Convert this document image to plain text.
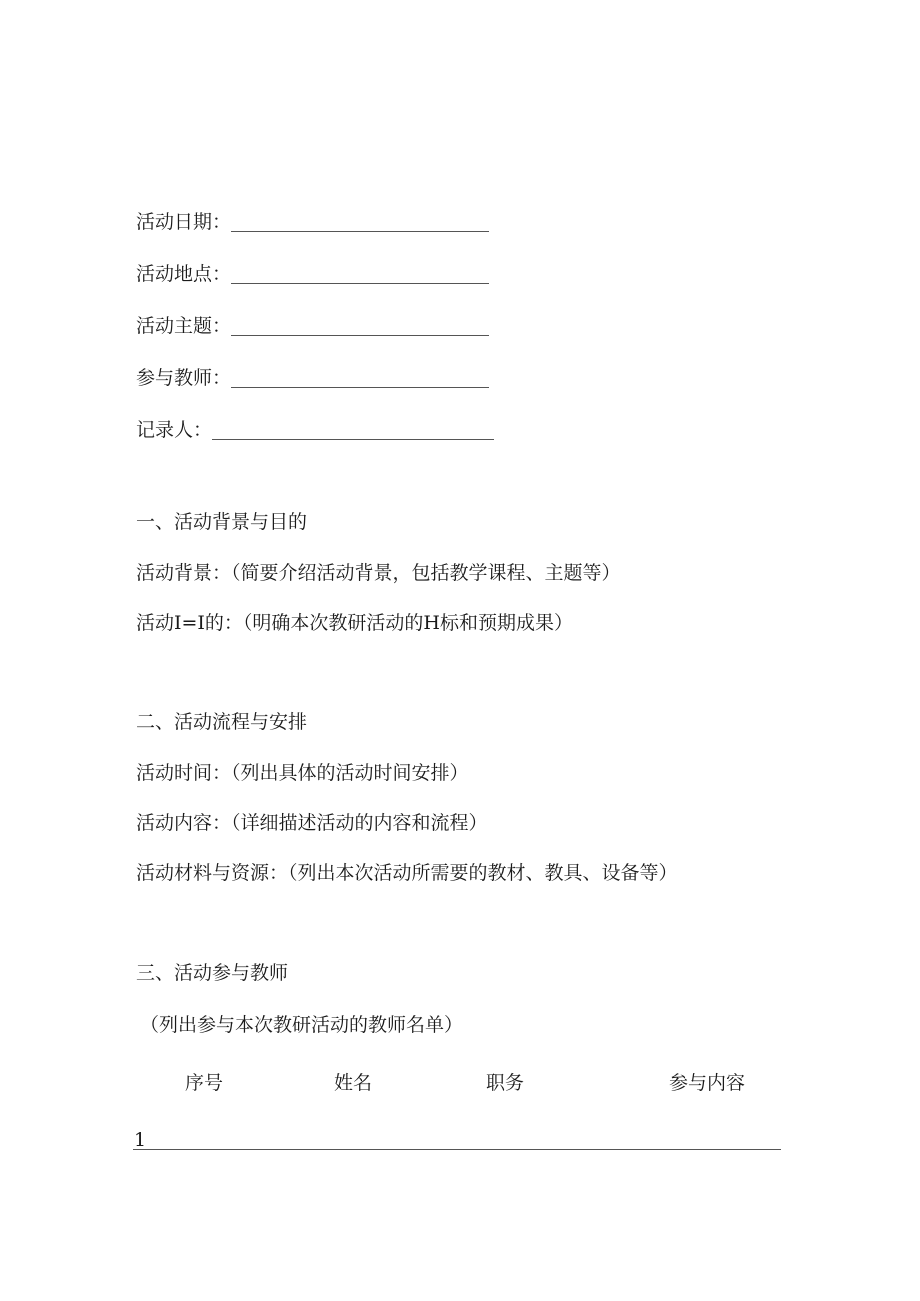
活动日期：
活动地点：
活动主题：
参与教师：
记录人：
一、活动背景与目的
活动背景：（简要介绍活动背景，包括教学课程、主题等）
活动I=I的：（明确本次教研活动的H标和预期成果）
二、活动流程与安排
活动时间：（列出具体的活动时间安排）
活动内容：（详细描述活动的内容和流程）
活动材料与资源：（列出本次活动所需要的教材、教具、设备等）
三、活动参与教师
（列出参与本次教研活动的教师名单）
序号	姓名	职务	参与内容
1
